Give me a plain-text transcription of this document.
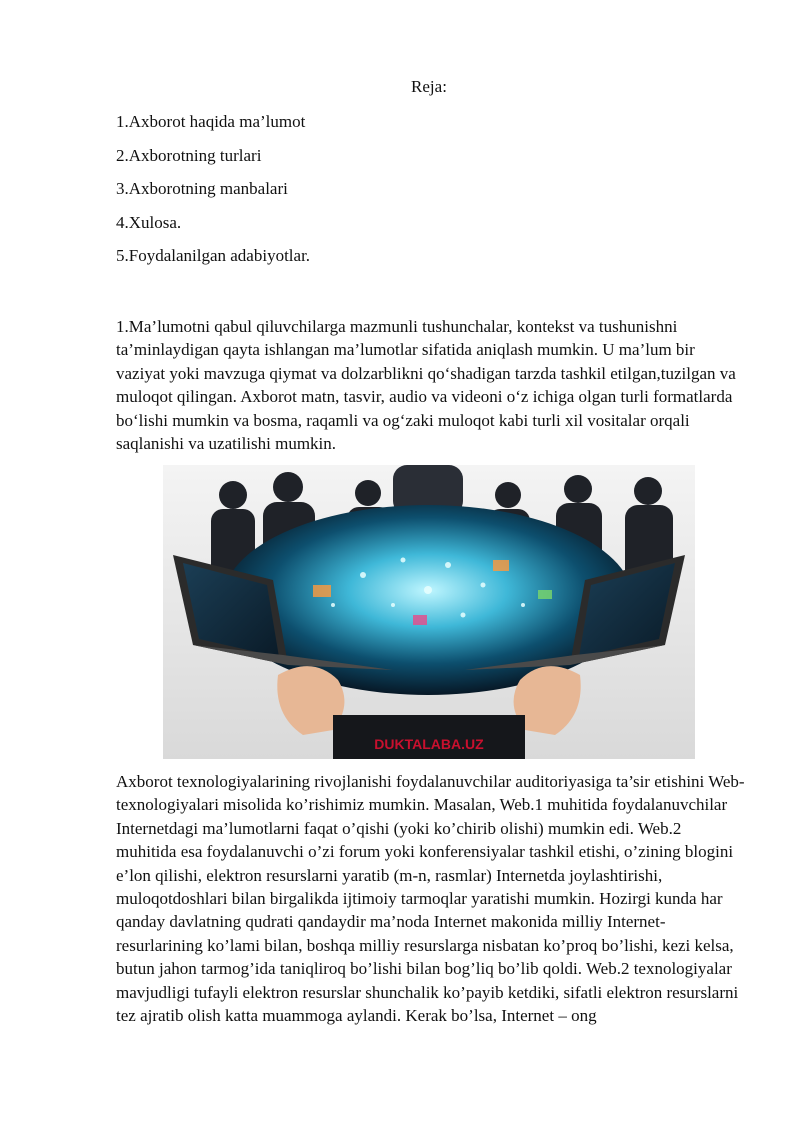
Reja:
1.Axborot haqida ma’lumot
2.Axborotning turlari
3.Axborotning manbalari
4.Xulosa.
5.Foydalanilgan adabiyotlar.

1.Ma’lumotni qabul qiluvchilarga mazmunli tushunchalar, kontekst va tushunishni ta’minlaydigan qayta ishlangan ma’lumotlar sifatida aniqlash mumkin. U ma’lum bir vaziyat yoki mavzuga qiymat va dolzarblikni qo‘shadigan tarzda tashkil etilgan,tuzilgan va muloqot qilingan. Axborot matn, tasvir, audio va videoni o‘z ichiga olgan turli formatlarda bo‘lishi mumkin va bosma, raqamli va og‘zaki muloqot kabi turli xil vositalar orqali saqlanishi va uzatilishi mumkin.

DUKTALABA.UZ

Axborot texnologiyalarining rivojlanishi foydalanuvchilar auditoriyasiga ta’sir etishini Web-texnologiyalari misolida ko’rishimiz mumkin. Masalan, Web.1 muhitida foydalanuvchilar Internetdagi ma’lumotlarni faqat o’qishi (yoki ko’chirib olishi) mumkin edi. Web.2 muhitida esa foydalanuvchi o’zi forum yoki konferensiyalar tashkil etishi, o’zining blogini e’lon qilishi, elektron resurslarni yaratib (m-n, rasmlar) Internetda joylashtirishi, muloqotdoshlari bilan birgalikda ijtimoiy tarmoqlar yaratishi mumkin. Hozirgi kunda har qanday davlatning qudrati qandaydir ma’noda Internet makonida milliy Internet-resurlarining ko’lami bilan, boshqa milliy resurslarga nisbatan ko’proq bo’lishi, kezi kelsa, butun jahon tarmog’ida taniqliroq bo’lishi bilan bog’liq bo’lib qoldi. Web.2 texnologiyalar mavjudligi tufayli elektron resurslar shunchalik ko’payib ketdiki, sifatli elektron resurslarni tez ajratib olish katta muammoga aylandi. Kerak bo’lsa, Internet – ong
